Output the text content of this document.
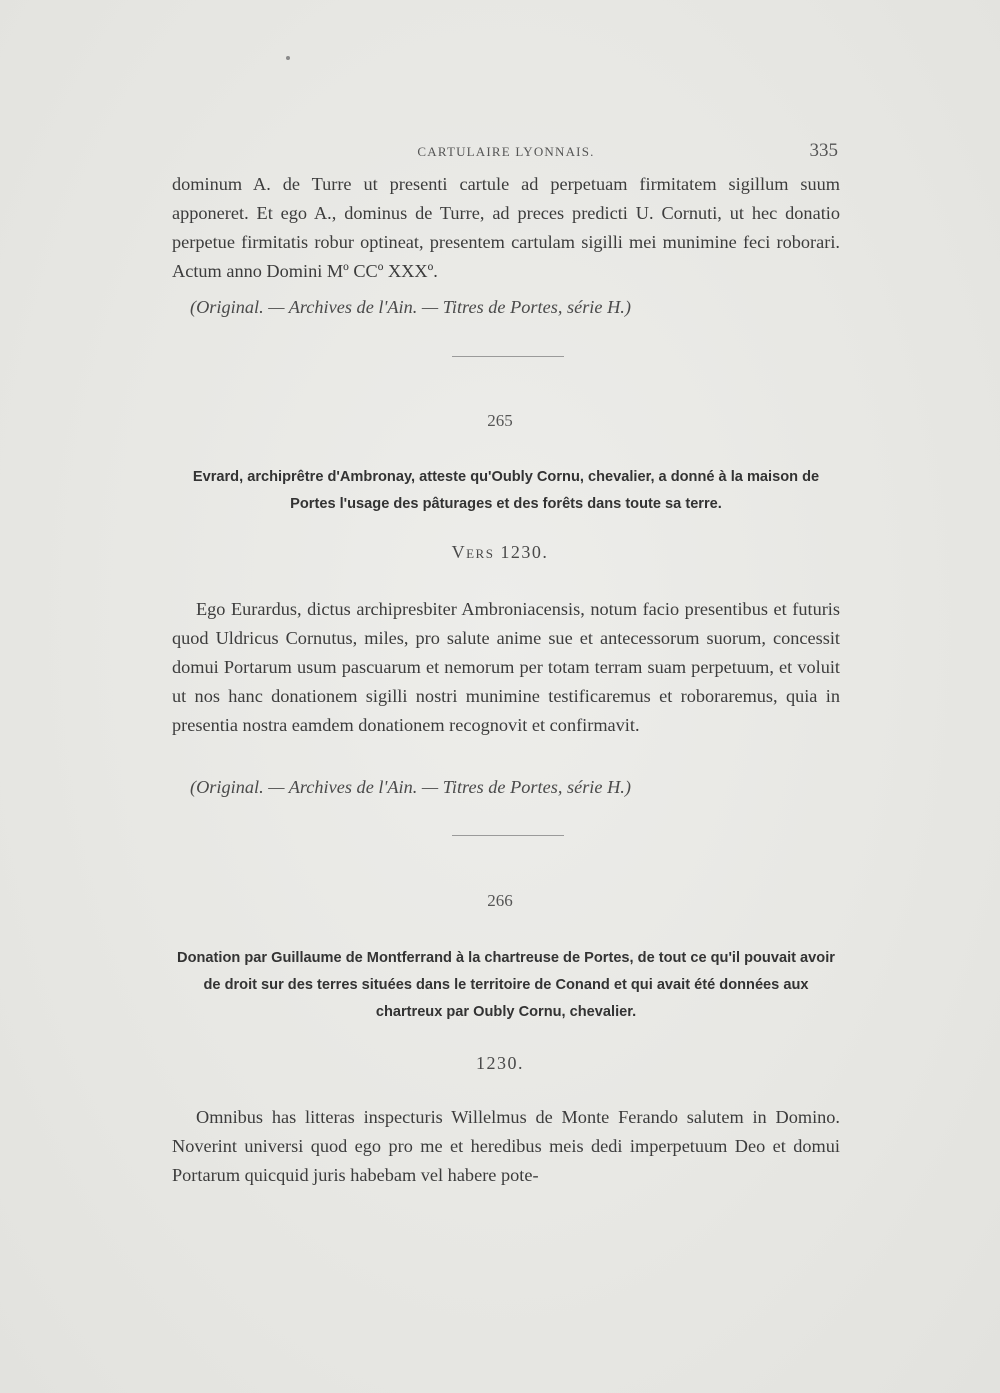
CARTULAIRE LYONNAIS.	335

dominum A. de Turre ut presenti cartule ad perpetuam firmitatem sigillum suum apponeret. Et ego A., dominus de Turre, ad preces predicti U. Cornuti, ut hec donatio perpetue firmitatis robur optineat, presentem cartulam sigilli mei munimine feci roborari. Actum anno Domini Mº CCº XXXº.

(Original. — Archives de l'Ain. — Titres de Portes, série H.)

265

Evrard, archiprêtre d'Ambronay, atteste qu'Oubly Cornu, chevalier, a donné à la maison de Portes l'usage des pâturages et des forêts dans toute sa terre.

Vers 1230.

Ego Eurardus, dictus archipresbiter Ambroniacensis, notum facio presentibus et futuris quod Uldricus Cornutus, miles, pro salute anime sue et antecessorum suorum, concessit domui Portarum usum pascuarum et nemorum per totam terram suam perpetuum, et voluit ut nos hanc donationem sigilli nostri munimine testificaremus et roboraremus, quia in presentia nostra eamdem donationem recognovit et confirmavit.

(Original. — Archives de l'Ain. — Titres de Portes, série H.)

266

Donation par Guillaume de Montferrand à la chartreuse de Portes, de tout ce qu'il pouvait avoir de droit sur des terres situées dans le territoire de Conand et qui avait été données aux chartreux par Oubly Cornu, chevalier.

1230.

Omnibus has litteras inspecturis Willelmus de Monte Ferando salutem in Domino. Noverint universi quod ego pro me et heredibus meis dedi imperpetuum Deo et domui Portarum quicquid juris habebam vel habere pote-
